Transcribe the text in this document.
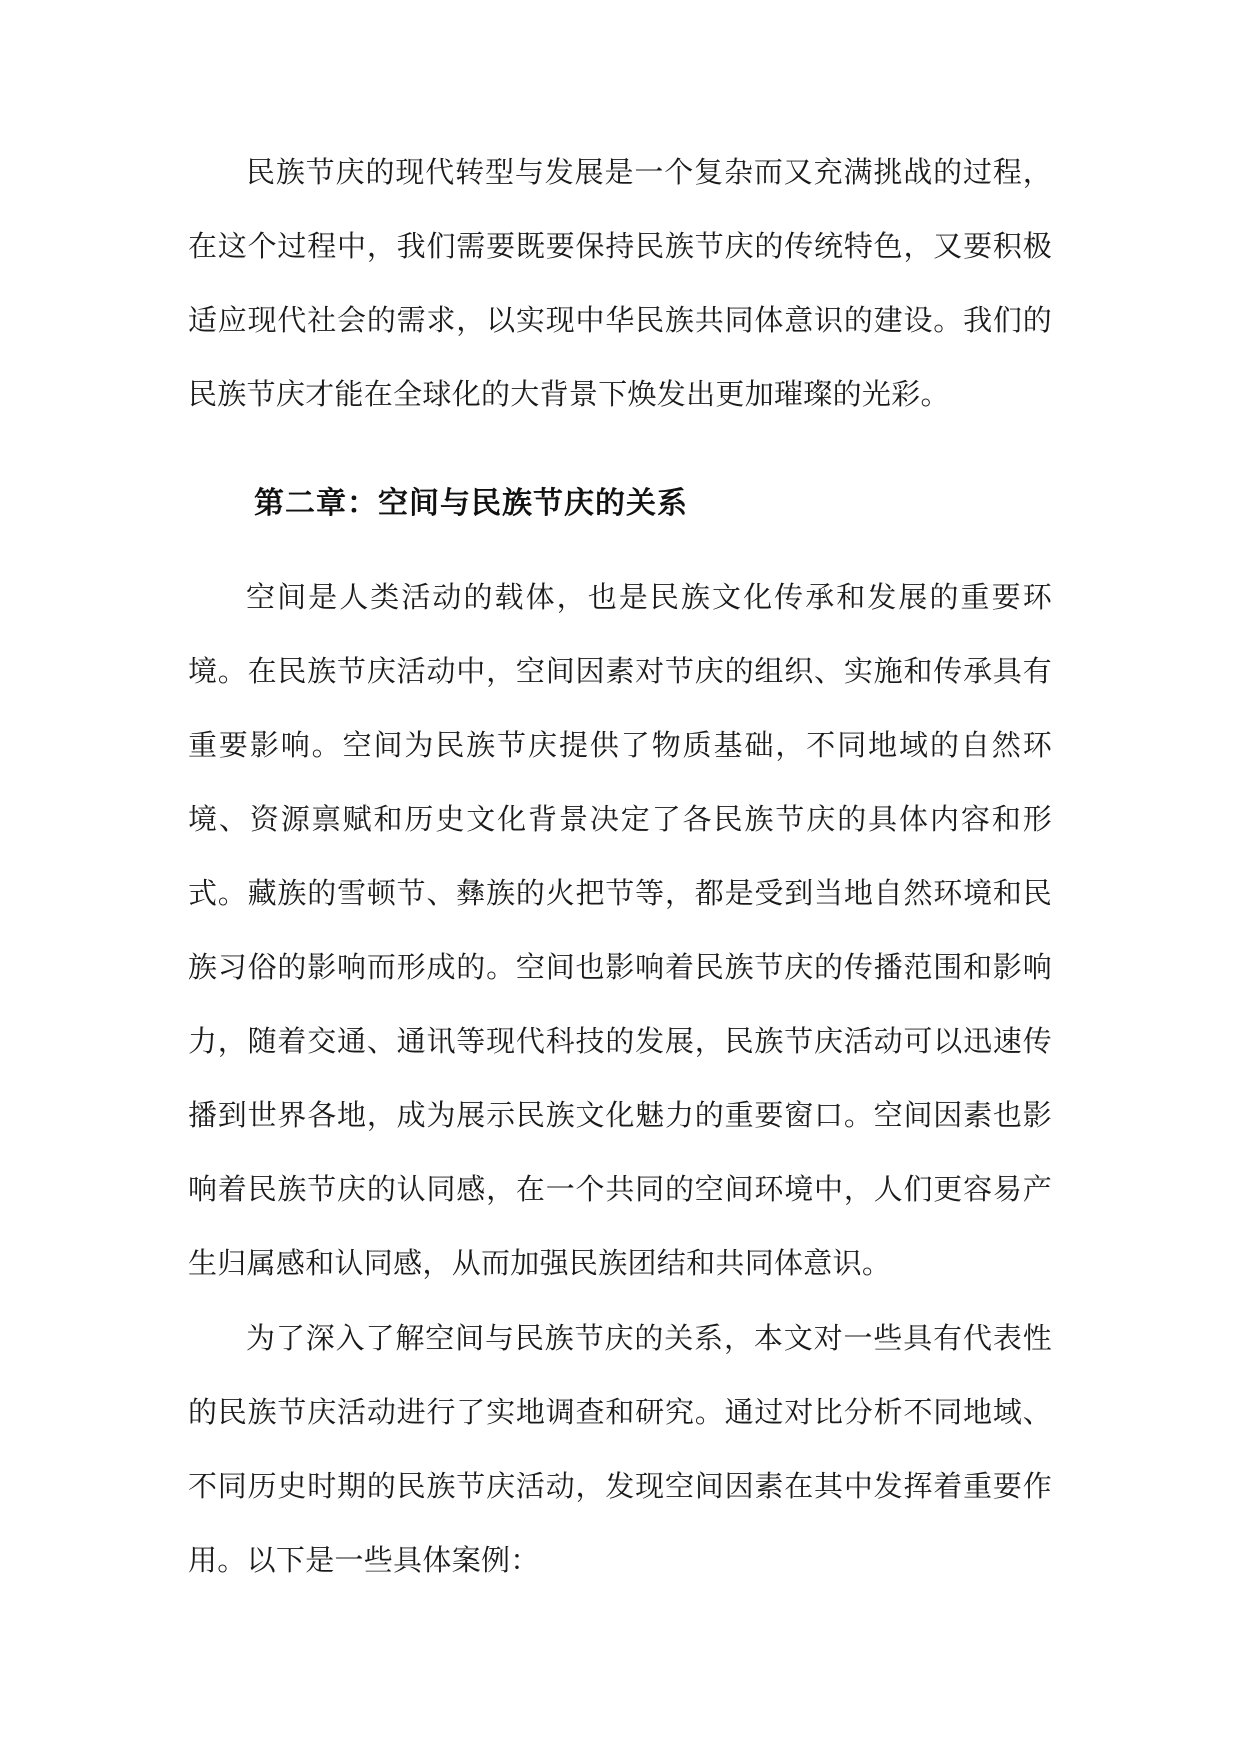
民族节庆的现代转型与发展是一个复杂而又充满挑战的过程，在这个过程中，我们需要既要保持民族节庆的传统特色，又要积极适应现代社会的需求，以实现中华民族共同体意识的建设。我们的民族节庆才能在全球化的大背景下焕发出更加璀璨的光彩。

第二章：空间与民族节庆的关系

空间是人类活动的载体，也是民族文化传承和发展的重要环境。在民族节庆活动中，空间因素对节庆的组织、实施和传承具有重要影响。空间为民族节庆提供了物质基础，不同地域的自然环境、资源禀赋和历史文化背景决定了各民族节庆的具体内容和形式。藏族的雪顿节、彝族的火把节等，都是受到当地自然环境和民族习俗的影响而形成的。空间也影响着民族节庆的传播范围和影响力，随着交通、通讯等现代科技的发展，民族节庆活动可以迅速传播到世界各地，成为展示民族文化魅力的重要窗口。空间因素也影响着民族节庆的认同感，在一个共同的空间环境中，人们更容易产生归属感和认同感，从而加强民族团结和共同体意识。

为了深入了解空间与民族节庆的关系，本文对一些具有代表性的民族节庆活动进行了实地调查和研究。通过对比分析不同地域、不同历史时期的民族节庆活动，发现空间因素在其中发挥着重要作用。以下是一些具体案例：
